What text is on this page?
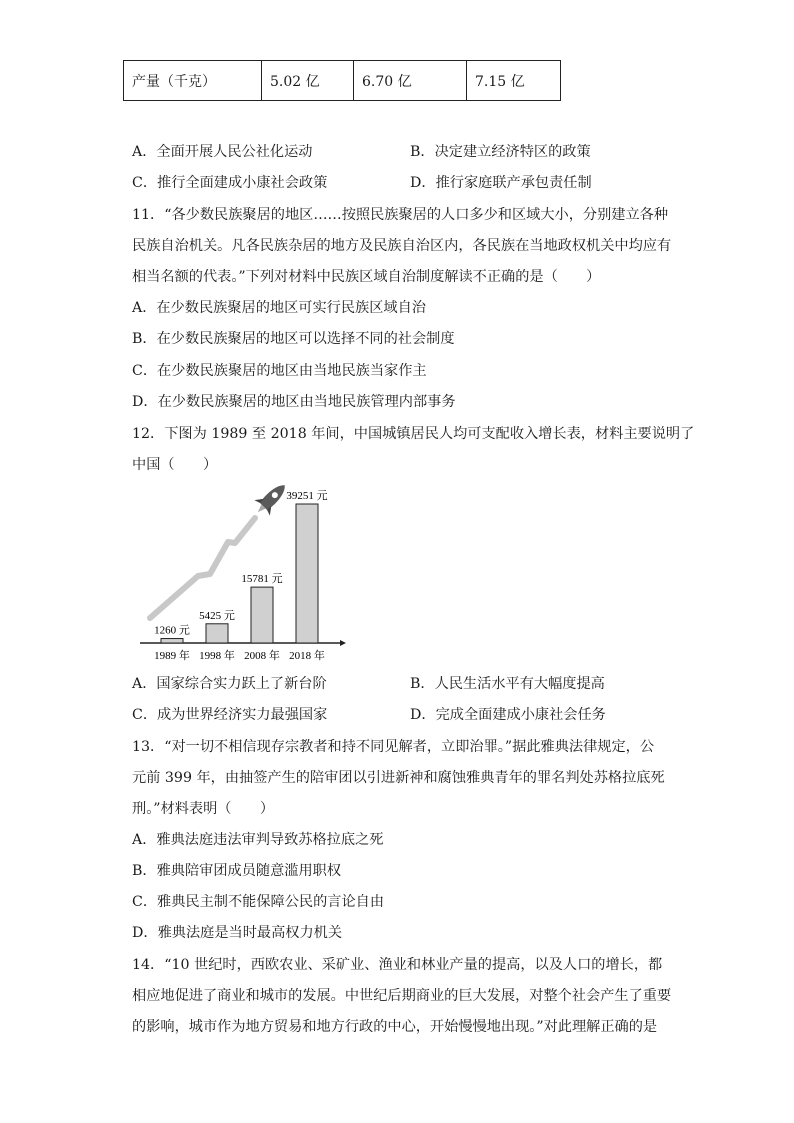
产量（千克）	5.02 亿	6.70 亿	7.15 亿
A．全面开展人民公社化运动	B．决定建立经济特区的政策
C．推行全面建成小康社会政策	D．推行家庭联产承包责任制
11．“各少数民族聚居的地区……按照民族聚居的人口多少和区域大小，分别建立各种
民族自治机关。凡各民族杂居的地方及民族自治区内，各民族在当地政权机关中均应有
相当名额的代表。”下列对材料中民族区域自治制度解读不正确的是（　　）
A．在少数民族聚居的地区可实行民族区域自治
B．在少数民族聚居的地区可以选择不同的社会制度
C．在少数民族聚居的地区由当地民族当家作主
D．在少数民族聚居的地区由当地民族管理内部事务
12．下图为 1989 至 2018 年间，中国城镇居民人均可支配收入增长表，材料主要说明了
中国（　　）
1260 元
1989 年
5425 元
1998 年
15781 元
2008 年
39251 元
2018 年
A．国家综合实力跃上了新台阶	B．人民生活水平有大幅度提高
C．成为世界经济实力最强国家	D．完成全面建成小康社会任务
13．“对一切不相信现存宗教者和持不同见解者，立即治罪。”据此雅典法律规定，公
元前 399 年，由抽签产生的陪审团以引进新神和腐蚀雅典青年的罪名判处苏格拉底死
刑。”材料表明（　　）
A．雅典法庭违法审判导致苏格拉底之死
B．雅典陪审团成员随意滥用职权
C．雅典民主制不能保障公民的言论自由
D．雅典法庭是当时最高权力机关
14．“10 世纪时，西欧农业、采矿业、渔业和林业产量的提高，以及人口的增长，都
相应地促进了商业和城市的发展。中世纪后期商业的巨大发展，对整个社会产生了重要
的影响，城市作为地方贸易和地方行政的中心，开始慢慢地出现。”对此理解正确的是
